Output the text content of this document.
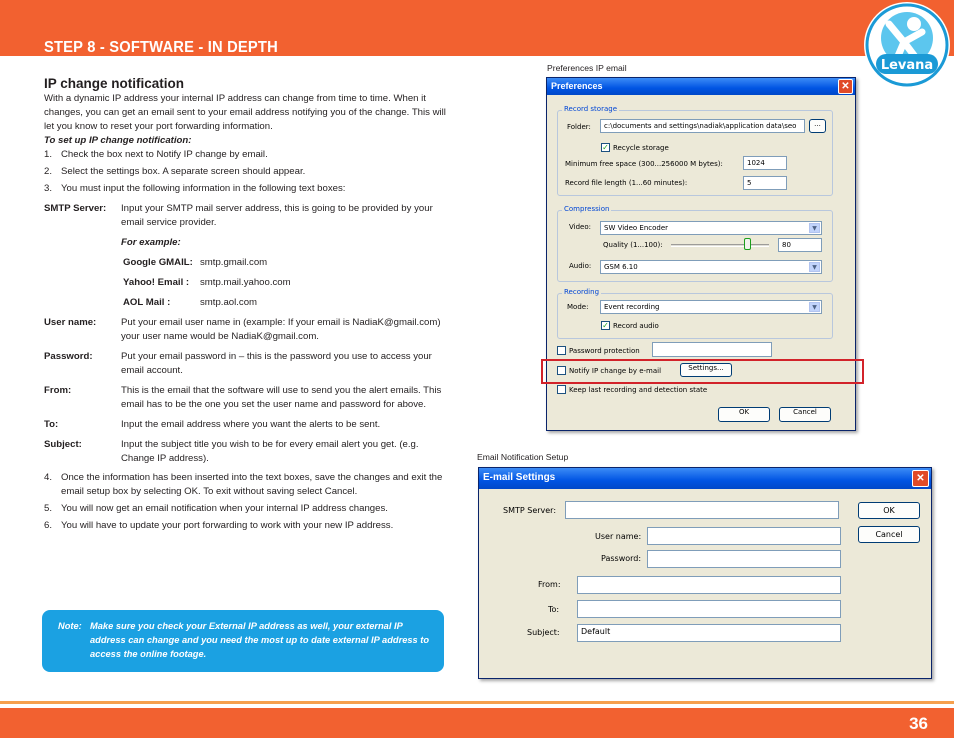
STEP 8 - SOFTWARE - IN DEPTH
Levana

IP change notification

With a dynamic IP address your internal IP address can change from time to time. When it changes, you can get an email sent to your email address notifying you of the change. This will let you know to reset your port forwarding information.

To set up IP change notification:

1. Check the box next to Notify IP change by email.
2. Select the settings box. A separate screen should appear.
3. You must input the following information in the following text boxes:
SMTP Server:	Input your SMTP mail server address, this is going to be provided by your email service provider.

For example:

Google GMAIL: smtp.gmail.com
Yahoo! Email :	smtp.mail.yahoo.com
AOL Mail :	smtp.aol.com
User name:	Put your email user name in (example: If your email is NadiaK@gmail.com) your user name would be NadiaK@gmail.com.
Password:	Put your email password in – this is the password you use to access your email account.
From:	This is the email that the software will use to send you the alert emails. This email has to be the one you set the user name and password for above.
To:	Input the email address where you want the alerts to be sent.
Subject:	Input the subject title you wish to be for every email alert you get. (e.g. Change IP address).
4. Once the information has been inserted into the text boxes, save the changes and exit the email setup box by selecting OK. To exit without saving select Cancel.
5. You will now get an email notification when your internal IP address changes.
6. You will have to update your port forwarding to work with your new IP address.
Note: Make sure you check your External IP address as well, your external IP address can change and you need the most up to date external IP address to access the online footage.
Preferences IP email
Email Notification Setup
Preferences	✕
Record storage
Folder:	c:\documents and settings\nadiak\application data\seo	...
✓ Recycle storage
Minimum free space (300...256000 M bytes):	1024
Record file length (1...60 minutes):	5
Compression
Video:	SW Video Encoder	▼
Quality (1...100):	80
Audio:	GSM 6.10	▼
Recording
Mode:	Event recording	▼
✓ Record audio
Password protection
Notify IP change by e-mail	Settings...
Keep last recording and detection state
OK	Cancel
E-mail Settings	✕
SMTP Server:
User name:
Password:
From:
To:
Subject:	Default
OK
Cancel
36
